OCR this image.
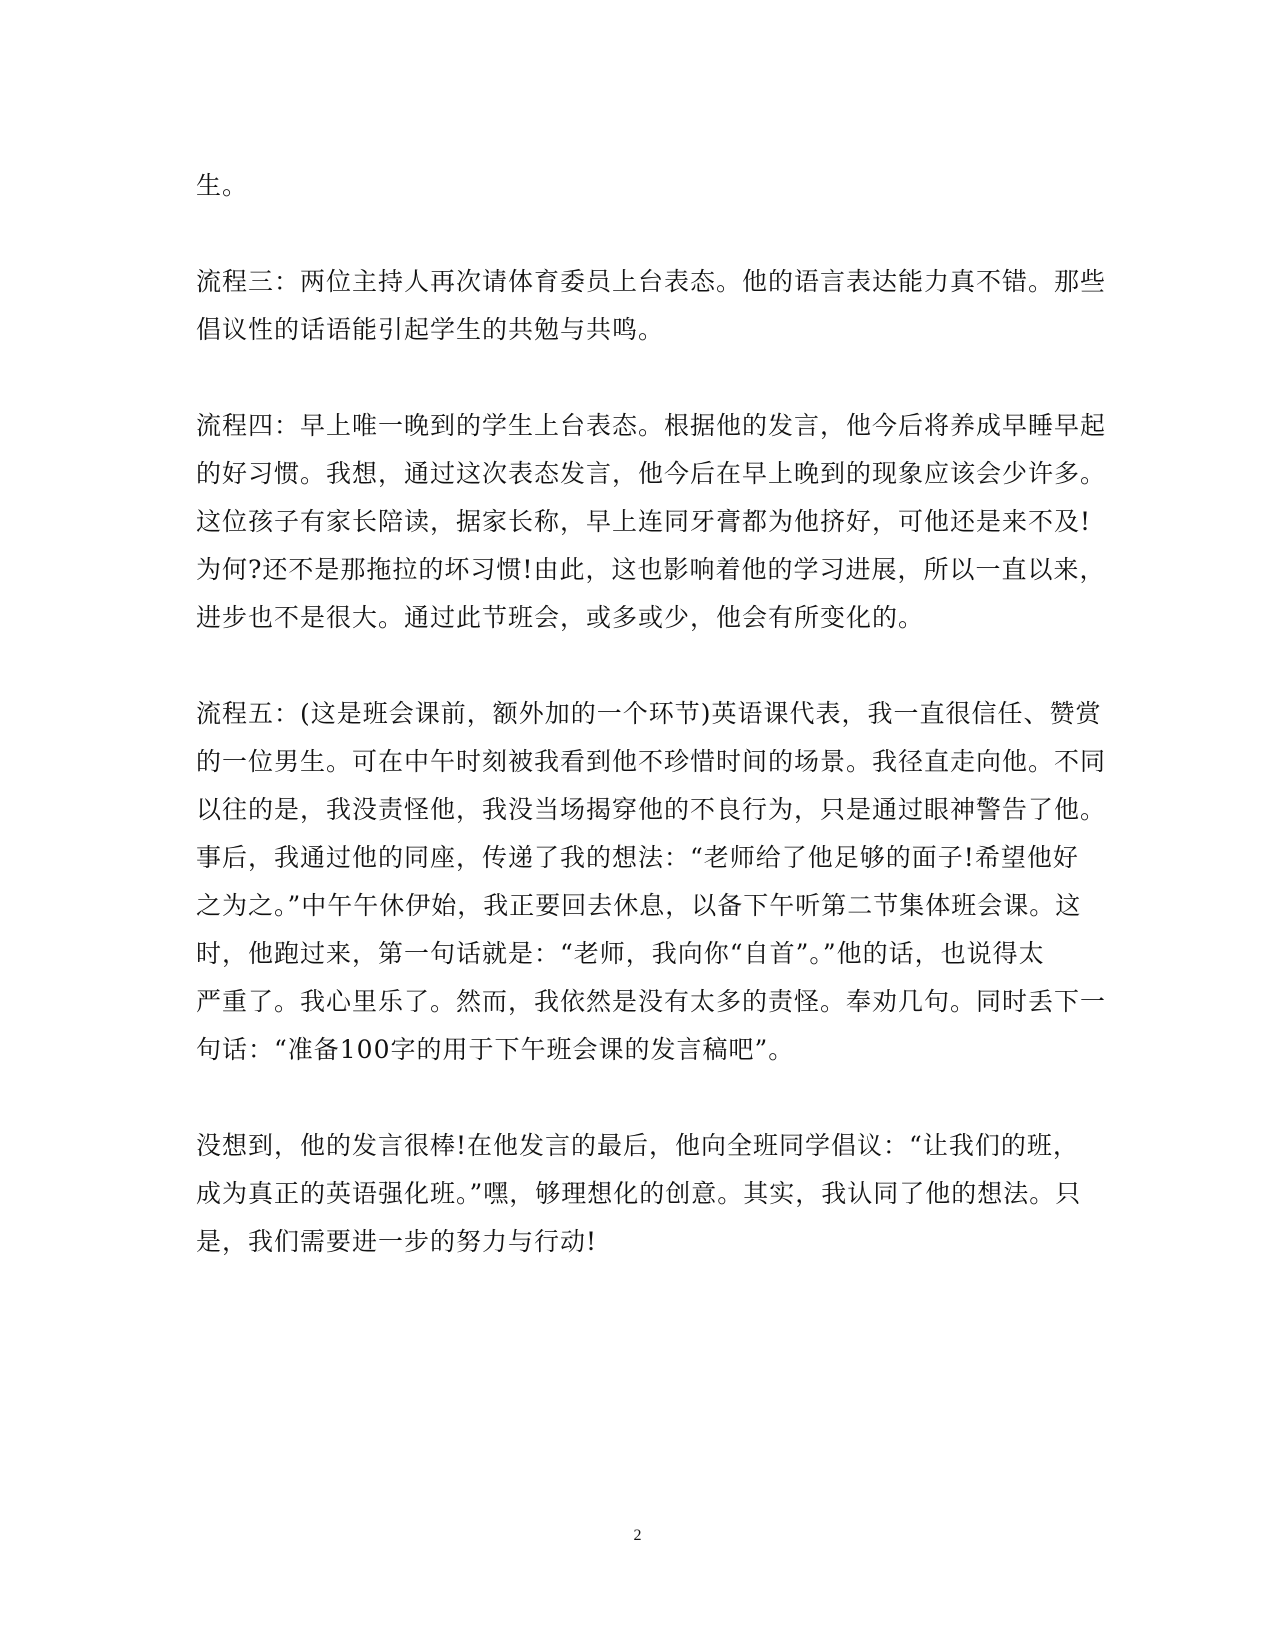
生。

流程三：两位主持人再次请体育委员上台表态。他的语言表达能力真不错。那些
倡议性的话语能引起学生的共勉与共鸣。

流程四：早上唯一晚到的学生上台表态。根据他的发言，他今后将养成早睡早起
的好习惯。我想，通过这次表态发言，他今后在早上晚到的现象应该会少许多。
这位孩子有家长陪读，据家长称，早上连同牙膏都为他挤好，可他还是来不及!
为何?还不是那拖拉的坏习惯!由此，这也影响着他的学习进展，所以一直以来，
进步也不是很大。通过此节班会，或多或少，他会有所变化的。

流程五：(这是班会课前，额外加的一个环节)英语课代表，我一直很信任、赞赏
的一位男生。可在中午时刻被我看到他不珍惜时间的场景。我径直走向他。不同
以往的是，我没责怪他，我没当场揭穿他的不良行为，只是通过眼神警告了他。
事后，我通过他的同座，传递了我的想法：“老师给了他足够的面子!希望他好
之为之。”中午午休伊始，我正要回去休息，以备下午听第二节集体班会课。这
时，他跑过来，第一句话就是：“老师，我向你“自首”。”他的话，也说得太
严重了。我心里乐了。然而，我依然是没有太多的责怪。奉劝几句。同时丢下一
句话：“准备100字的用于下午班会课的发言稿吧”。

没想到，他的发言很棒!在他发言的最后，他向全班同学倡议：“让我们的班，
成为真正的英语强化班。”嘿，够理想化的创意。其实，我认同了他的想法。只
是，我们需要进一步的努力与行动!

2
